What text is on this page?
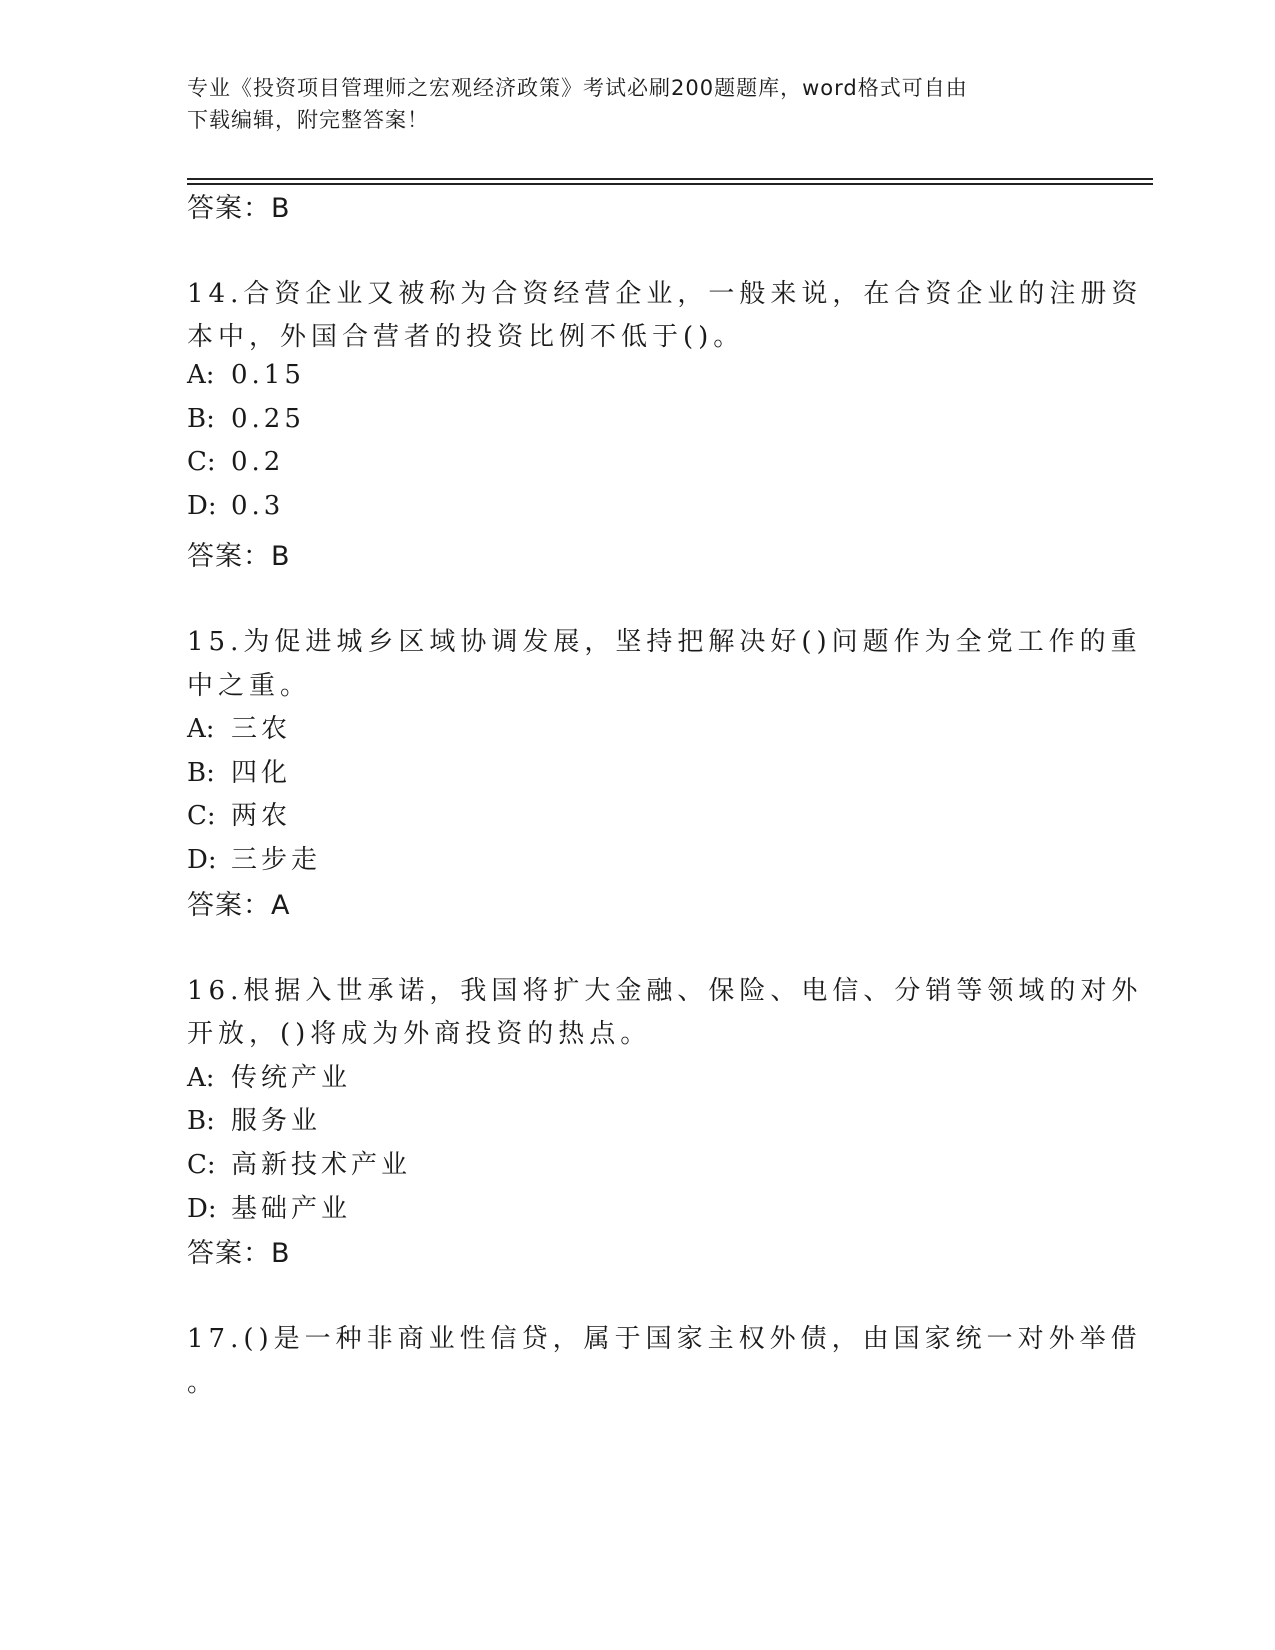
专业《投资项目管理师之宏观经济政策》考试必刷200题题库，word格式可自由
下载编辑，附完整答案！
答案：B
14.合资企业又被称为合资经营企业，一般来说，在合资企业的注册资
本中，外国合营者的投资比例不低于()。
A: 0.15
B: 0.25
C: 0.2
D: 0.3
答案：B
15.为促进城乡区域协调发展，坚持把解决好()问题作为全党工作的重
中之重。
A: 三农
B: 四化
C: 两农
D: 三步走
答案：A
16.根据入世承诺，我国将扩大金融、保险、电信、分销等领域的对外
开放，()将成为外商投资的热点。
A: 传统产业
B: 服务业
C: 高新技术产业
D: 基础产业
答案：B
17.()是一种非商业性信贷，属于国家主权外债，由国家统一对外举借
。
